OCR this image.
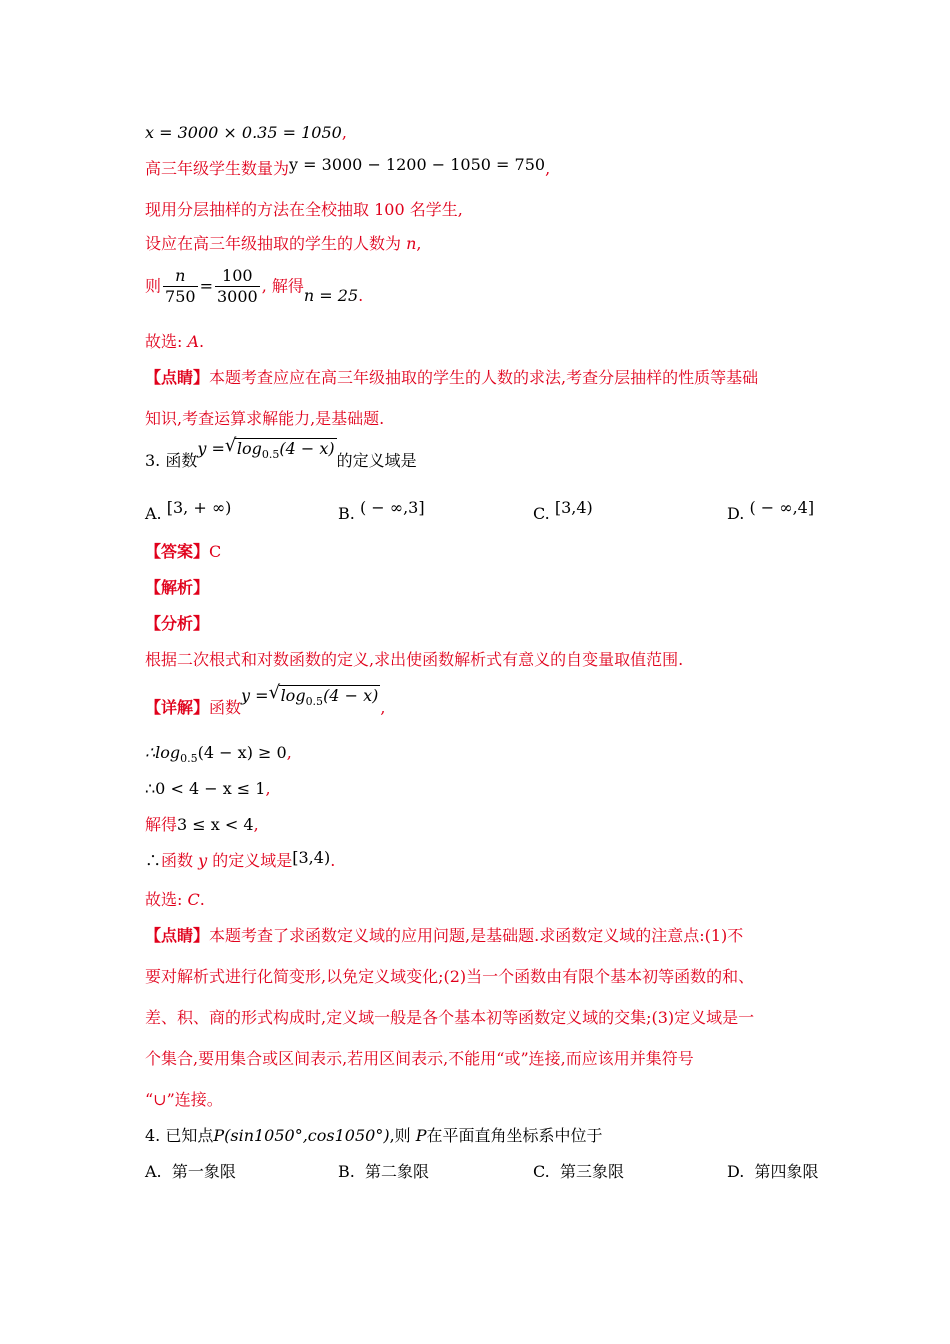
x = 3000 × 0.35 = 1050,
高三年级学生数量为y = 3000 − 1200 − 1050 = 750,
现用分层抽样的方法在全校抽取 100 名学生,
设应在高三年级抽取的学生的人数为 n,
则 $\frac{n}{750} = \frac{100}{3000}$ , 解得n = 25.
故选: A.
【点睛】本题考查应应在高三年级抽取的学生的人数的求法,考查分层抽样的性质等基础
知识,考查运算求解能力,是基础题.
3. 函数y = √ $\log_{0.5}(4 - x)$的定义域是
A. [3, + ∞)	B. ( − ∞,3]	C. [3,4)	D. ( − ∞,4]
【答案】C
【解析】
【分析】
根据二次根式和对数函数的定义,求出使函数解析式有意义的自变量取值范围.
【详解】函数y = √ $\log_{0.5}(4 - x)$,
$\therefore\log_{0.5}(4 - x) \ge 0$,
∴0 < 4 − x ≤ 1,
解得3 ≤ x < 4,
∴函数 y 的定义域是[3,4).
故选: C.
【点睛】本题考查了求函数定义域的应用问题,是基础题.求函数定义域的注意点:(1)不
要对解析式进行化简变形,以免定义域变化;(2)当一个函数由有限个基本初等函数的和、
差、积、商的形式构成时,定义域一般是各个基本初等函数定义域的交集;(3)定义域是一
个集合,要用集合或区间表示,若用区间表示,不能用“或”连接,而应该用并集符号
“∪”连接。
4. 已知点P(sin1050°,cos1050°),则 P在平面直角坐标系中位于
A. 第一象限	B. 第二象限	C. 第三象限	D. 第四象限
